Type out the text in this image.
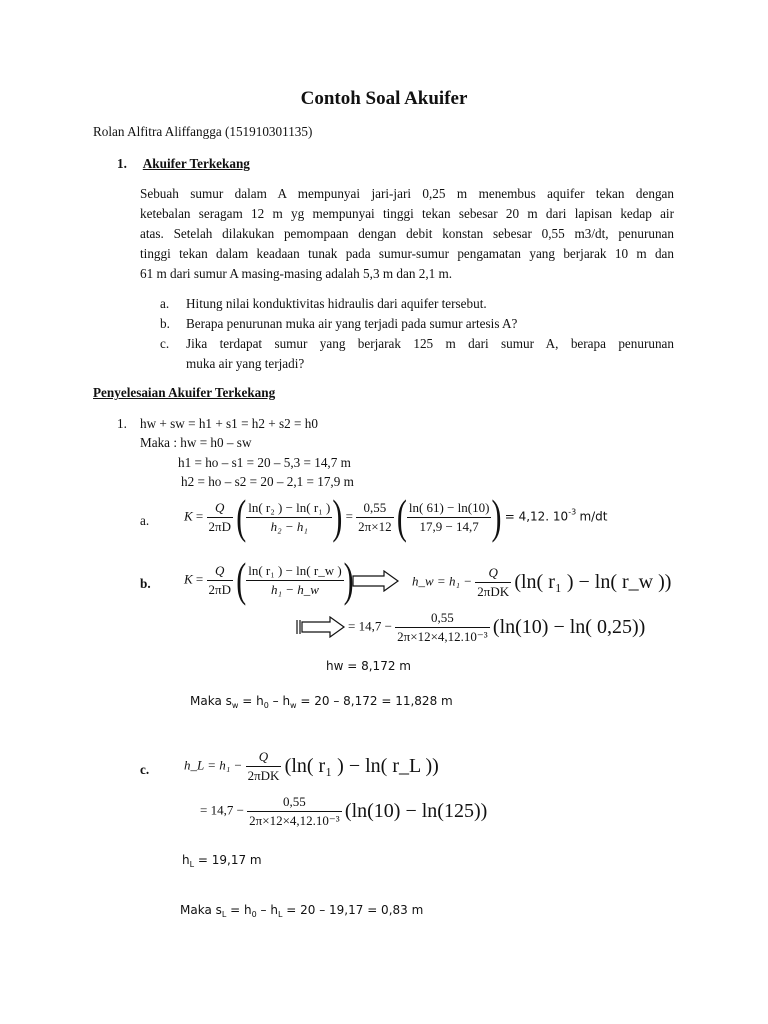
Contoh Soal Akuifer
Rolan Alfitra Aliffangga (151910301135)
1. Akuifer Terkekang
Sebuah sumur dalam A mempunyai jari-jari 0,25 m menembus aquifer tekan dengan
ketebalan seragam 12 m yg mempunyai tinggi tekan sebesar 20 m dari lapisan kedap air
atas. Setelah dilakukan pemompaan dengan debit konstan sebesar 0,55 m3/dt, penurunan
tinggi tekan dalam keadaan tunak pada sumur-sumur pengamatan yang berjarak 10 m dan
61 m dari sumur A masing-masing adalah 5,3 m dan 2,1 m.
a. Hitung nilai konduktivitas hidraulis dari aquifer tersebut.
b. Berapa penurunan muka air yang terjadi pada sumur artesis A?
c. Jika terdapat sumur yang berjarak 125 m dari sumur A, berapa penurunan
muka air yang terjadi?
Penyelesaian Akuifer Terkekang
1. hw + sw = h1 + s1 = h2 + s2 = h0
Maka : hw = h0 – sw
h1 = ho – s1 = 20 – 5,3 = 14,7 m
h2 = ho – s2 = 20 – 2,1 = 17,9 m
a.	$K = \frac{Q}{2\pi D}$ ( $\frac{\text{ln( r₂ ) − ln( r₁ )}}{\text{h₂ − h₁}}$ ) = $\frac{0,55}{2\pi\times 12}$ ( $\frac{\ln( 61) - \ln(10)}{17,9 - 14,7}$ ) = 4,12. $10^{-3}$ m/dt
b.	$K = \frac{Q}{2\pi D}$ ( $\frac{\text{ln( r₁ ) − ln( r\_w )}}{\text{h₁ − h\_w}}$ )	h_w = $h_1 - \frac{Q}{\text{2πDK}} (\ln$( r₁ ) − ln( r_w ))
= $14,7 - \frac{0,55}{\text{2π×12×4,12.10⁻³}} (\ln(10) - \ln$( 0,25))
hw = 8,172 m
Maka $s_w = h_0 - h_w = 20 - 8,172 = 11,828$ m
c.	h_L = $h_1 - \frac{Q}{\text{2πDK}} (\ln$( r₁ ) − ln( r_L ))
= $14,7 - \frac{0,55}{\text{2π×12×4,12.10⁻³}} (\ln(10) - \ln(125))$
$h_L = 19,17$ m
Maka $s_L = h_0 - h_L = 20 - 19,17 = 0,83$ m
